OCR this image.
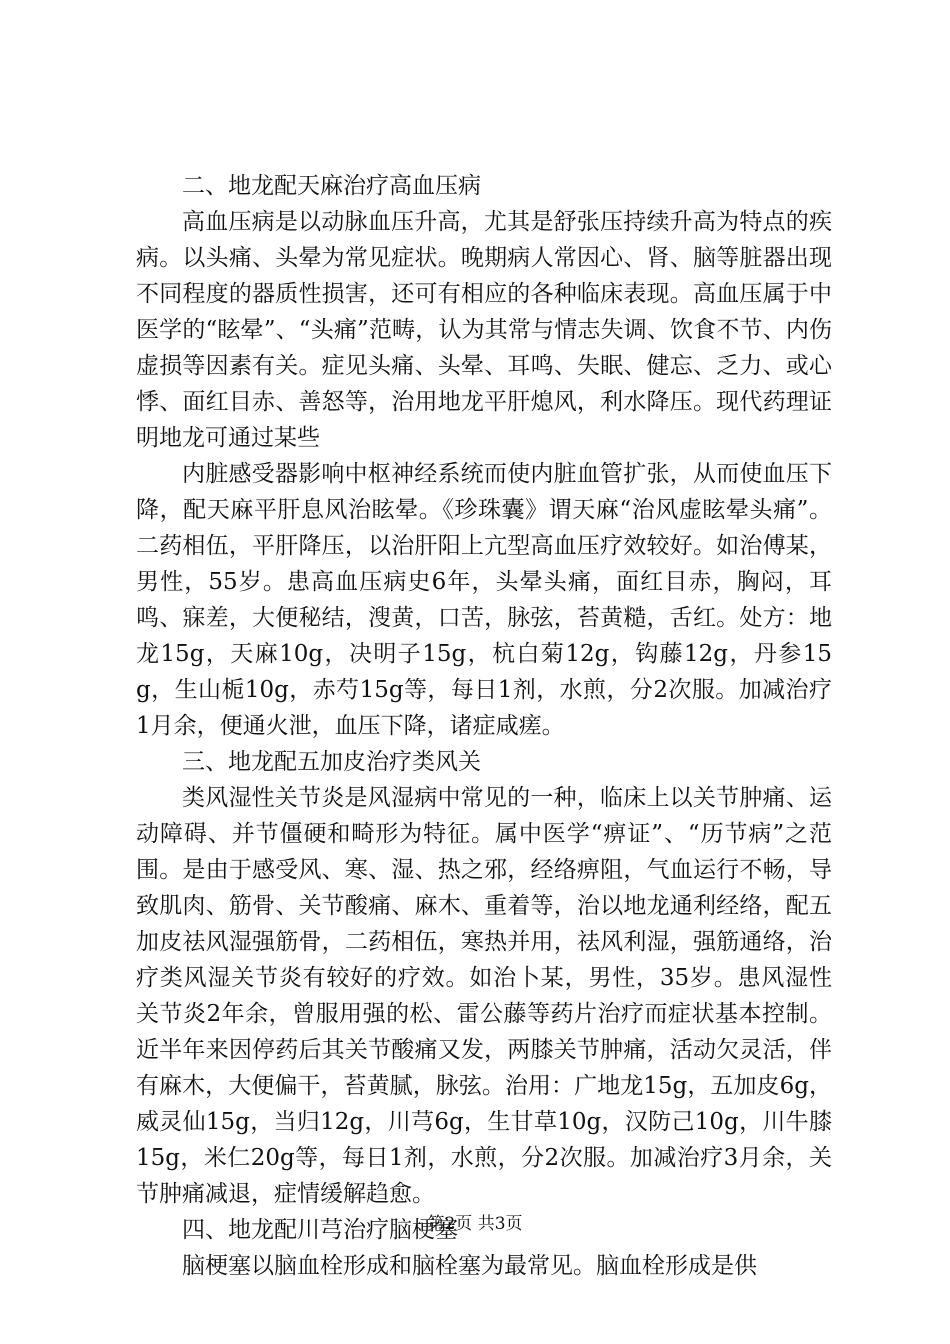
二、地龙配天麻治疗高血压病

高血压病是以动脉血压升高，尤其是舒张压持续升高为特点的疾病。以头痛、头晕为常见症状。晚期病人常因心、肾、脑等脏器出现不同程度的器质性损害，还可有相应的各种临床表现。高血压属于中医学的“眩晕”、“头痛”范畴，认为其常与情志失调、饮食不节、内伤虚损等因素有关。症见头痛、头晕、耳鸣、失眠、健忘、乏力、或心悸、面红目赤、善怒等，治用地龙平肝熄风，利水降压。现代药理证明地龙可通过某些

内脏感受器影响中枢神经系统而使内脏血管扩张，从而使血压下降，配天麻平肝息风治眩晕。《珍珠囊》谓天麻“治风虚眩晕头痛”。二药相伍，平肝降压，以治肝阳上亢型高血压疗效较好。如治傅某，男性，55岁。患高血压病史6年，头晕头痛，面红目赤，胸闷，耳鸣、寐差，大便秘结，溲黄，口苦，脉弦，苔黄糙，舌红。处方：地龙15g，天麻10g，决明子15g，杭白菊12g，钩藤12g，丹参15g，生山栀10g，赤芍15g等，每日1剂，水煎，分2次服。加减治疗1月余，便通火泄，血压下降，诸症咸瘥。

三、地龙配五加皮治疗类风关

类风湿性关节炎是风湿病中常见的一种，临床上以关节肿痛、运动障碍、并节僵硬和畸形为特征。属中医学“痹证”、“历节病”之范围。是由于感受风、寒、湿、热之邪，经络痹阻，气血运行不畅，导致肌肉、筋骨、关节酸痛、麻木、重着等，治以地龙通利经络，配五加皮祛风湿强筋骨，二药相伍，寒热并用，祛风利湿，强筋通络，治疗类风湿关节炎有较好的疗效。如治卜某，男性，35岁。患风湿性关节炎2年余，曾服用强的松、雷公藤等药片治疗而症状基本控制。近半年来因停药后其关节酸痛又发，两膝关节肿痛，活动欠灵活，伴有麻木，大便偏干，苔黄腻，脉弦。治用：广地龙15g，五加皮6g，威灵仙15g，当归12g，川芎6g，生甘草10g，汉防己10g，川牛膝15g，米仁20g等，每日1剂，水煎，分2次服。加减治疗3月余，关节肿痛减退，症情缓解趋愈。

四、地龙配川芎治疗脑梗塞

脑梗塞以脑血栓形成和脑栓塞为最常见。脑血栓形成是供

第2页 共3页
